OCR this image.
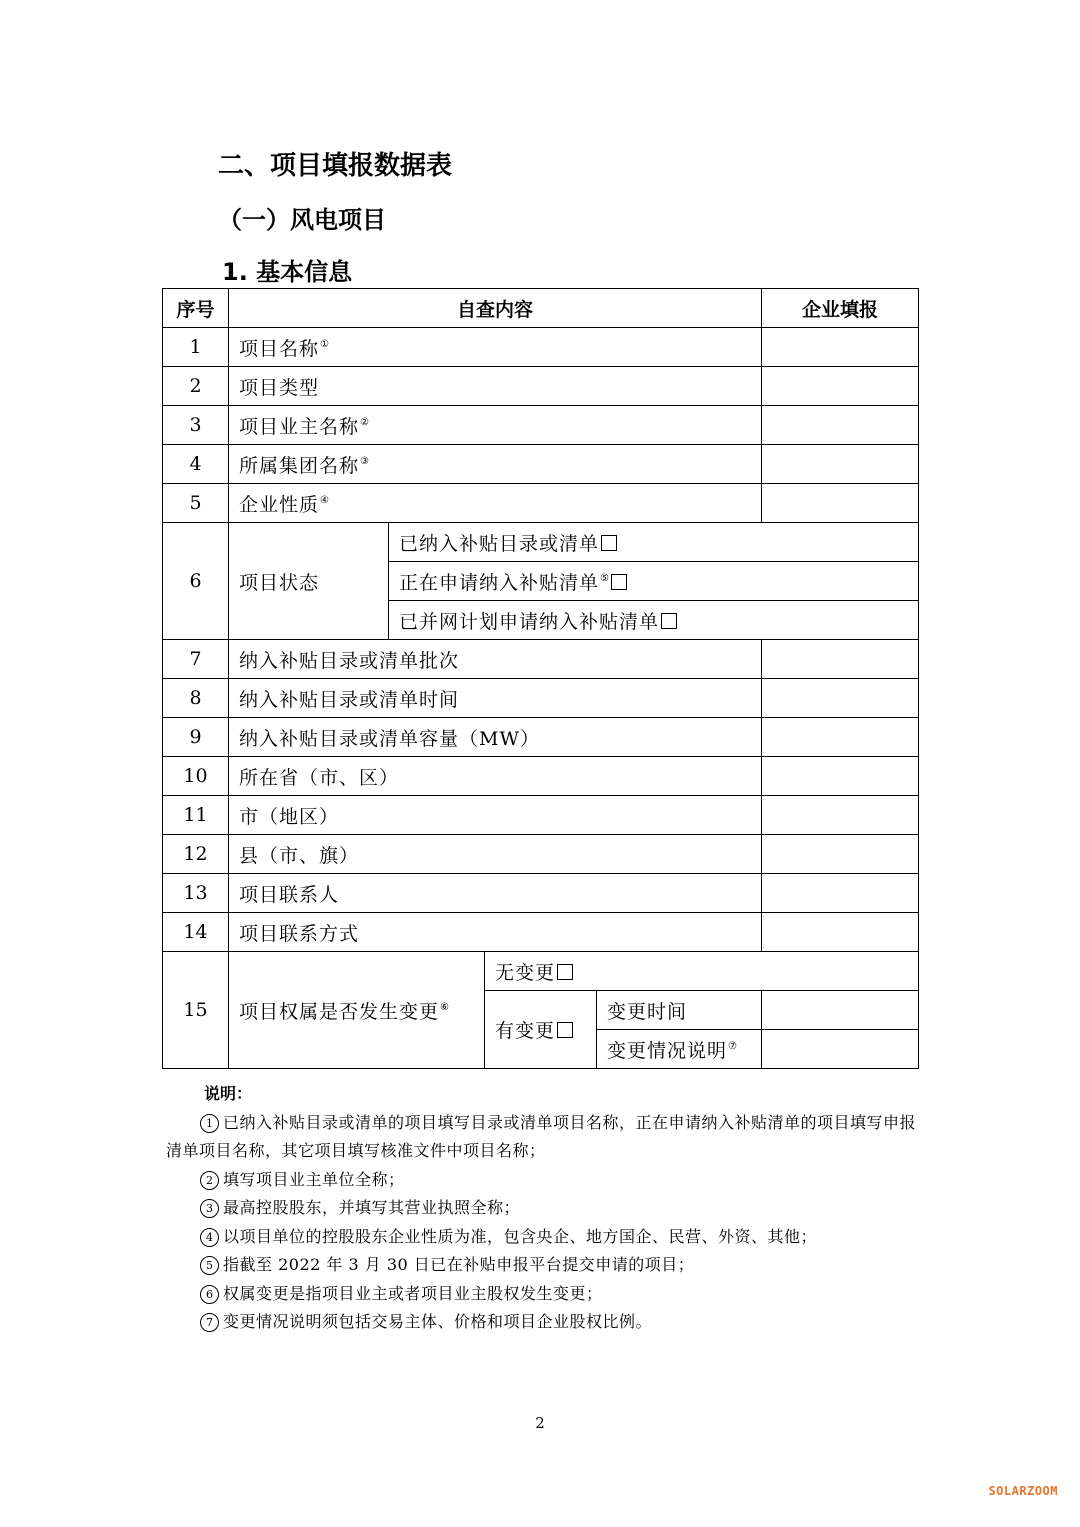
二、项目填报数据表
（一）风电项目
1. 基本信息
序号	自查内容				企业填报
1	项目名称①	
2	项目类型				
3	项目业主名称②	
4	所属集团名称③	
5	企业性质④	
6	项目状态	已纳入补贴目录或清单			
		正在申请纳入补贴清单⑤
		已并网计划申请纳入补贴清单			
7	纳入补贴目录或清单批次				
8	纳入补贴目录或清单时间				
9	纳入补贴目录或清单容量（MW）				
10	所在省（市、区）				
11	市（地区）				
12	县（市、旗）				
13	项目联系人				
14	项目联系方式				
15	项目权属是否发生变更⑥		无变更		
			有变更	变更时间	
				变更情况说明⑦	
说明：
1 已纳入补贴目录或清单的项目填写目录或清单项目名称，正在申请纳入补贴清单的项目填写申报清单项目名称，其它项目填写核准文件中项目名称；
2 填写项目业主单位全称；
3 最高控股股东，并填写其营业执照全称；
4 以项目单位的控股股东企业性质为准，包含央企、地方国企、民营、外资、其他；
5 指截至 2022 年 3 月 30 日已在补贴申报平台提交申请的项目；
6 权属变更是指项目业主或者项目业主股权发生变更；
7 变更情况说明须包括交易主体、价格和项目企业股权比例。
2
SOLARZOOM
